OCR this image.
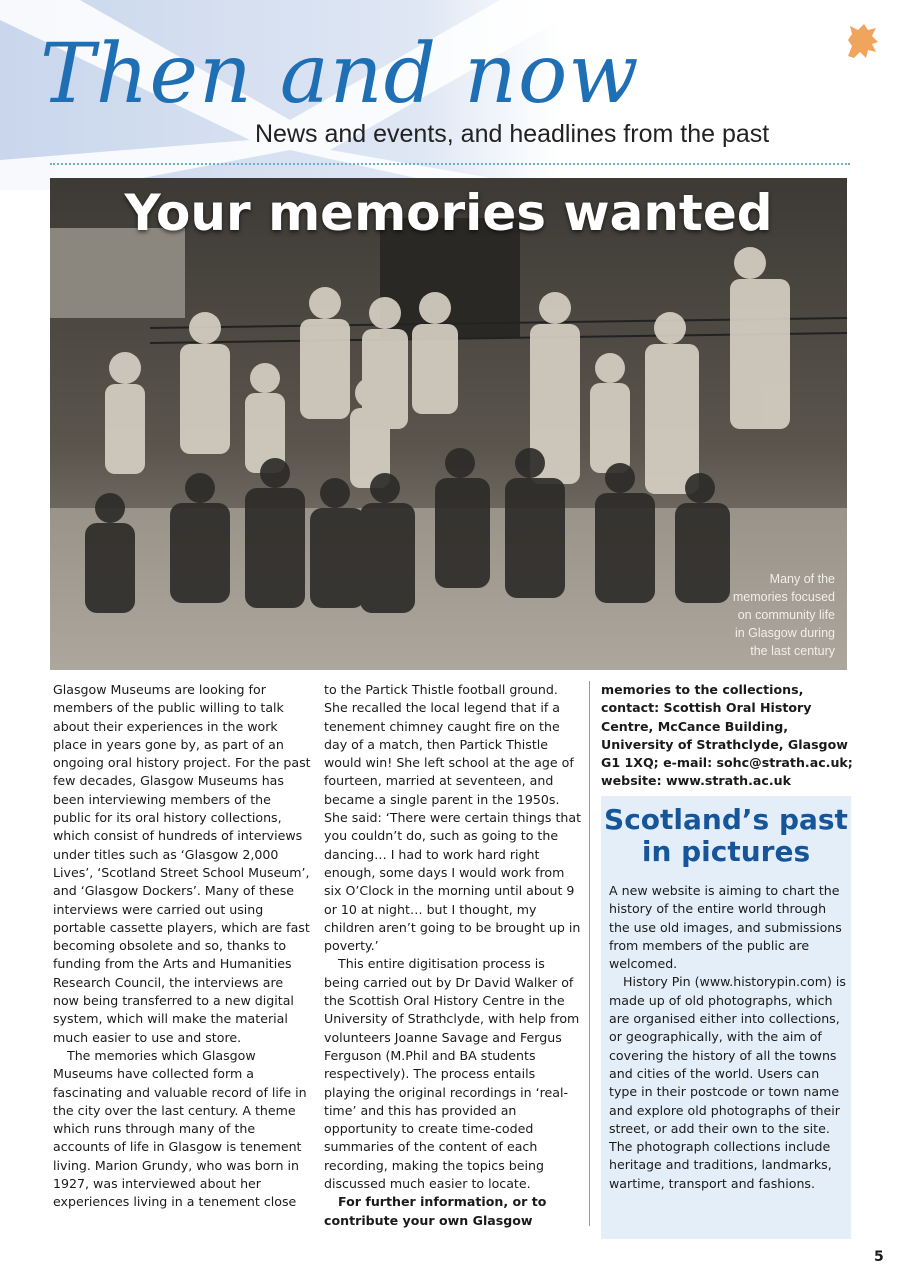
Then and now
News and events, and headlines from the past
Your memories wanted
Many of the memories focused on community life in Glasgow during the last century

Glasgow Museums are looking for members of the public willing to talk about their experiences in the work place in years gone by, as part of an ongoing oral history project. For the past few decades, Glasgow Museums has been interviewing members of the public for its oral history collections, which consist of hundreds of interviews under titles such as ‘Glasgow 2,000 Lives’, ‘Scotland Street School Museum’, and ‘Glasgow Dockers’. Many of these interviews were carried out using portable cassette players, which are fast becoming obsolete and so, thanks to funding from the Arts and Humanities Research Council, the interviews are now being transferred to a new digital system, which will make the material much easier to use and store.

The memories which Glasgow Museums have collected form a fascinating and valuable record of life in the city over the last century. A theme which runs through many of the accounts of life in Glasgow is tenement living. Marion Grundy, who was born in 1927, was interviewed about her experiences living in a tenement close

to the Partick Thistle football ground. She recalled the local legend that if a tenement chimney caught fire on the day of a match, then Partick Thistle would win! She left school at the age of fourteen, married at seventeen, and became a single parent in the 1950s. She said: ‘There were certain things that you couldn’t do, such as going to the dancing… I had to work hard right enough, some days I would work from six O’Clock in the morning until about 9 or 10 at night… but I thought, my children aren’t going to be brought up in poverty.’

This entire digitisation process is being carried out by Dr David Walker of the Scottish Oral History Centre in the University of Strathclyde, with help from volunteers Joanne Savage and Fergus Ferguson (M.Phil and BA students respectively). The process entails playing the original recordings in ‘real-time’ and this has provided an opportunity to create time-coded summaries of the content of each recording, making the topics being discussed much easier to locate.

For further information, or to contribute your own Glasgow

memories to the collections, contact: Scottish Oral History Centre, McCance Building, University of Strathclyde, Glasgow G1 1XQ; e-mail: sohc@strath.ac.uk; website: www.strath.ac.uk

Scotland’s past in pictures

A new website is aiming to chart the history of the entire world through the use old images, and submissions from members of the public are welcomed.

History Pin (www.historypin.com) is made up of old photographs, which are organised either into collections, or geographically, with the aim of covering the history of all the towns and cities of the world. Users can type in their postcode or town name and explore old photographs of their street, or add their own to the site. The photograph collections include heritage and traditions, landmarks, wartime, transport and fashions.

5
